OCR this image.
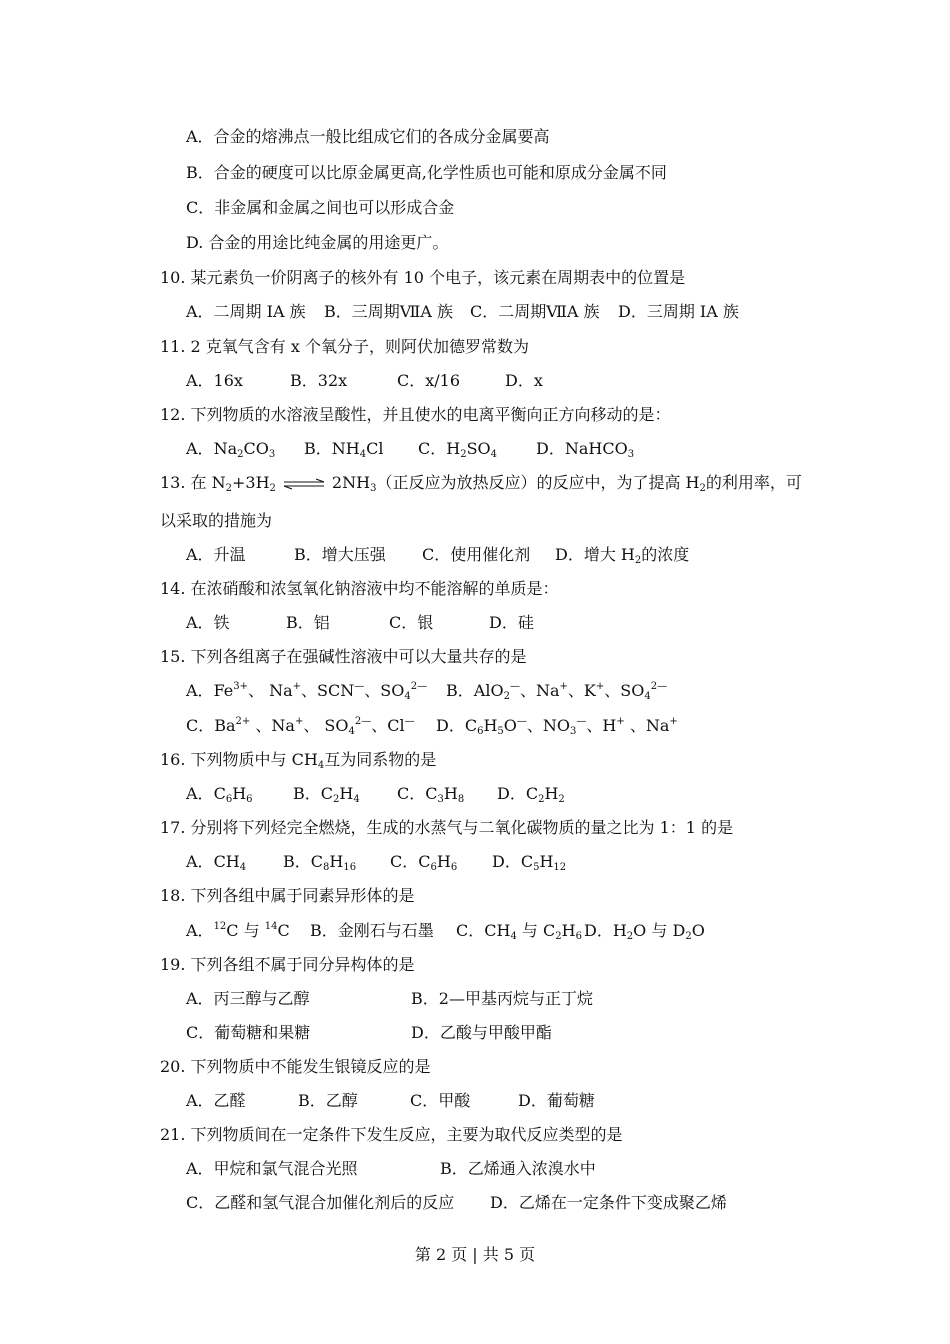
A．合金的熔沸点一般比组成它们的各成分金属要高
B．合金的硬度可以比原金属更高,化学性质也可能和原成分金属不同
C．非金属和金属之间也可以形成合金
D. 合金的用途比纯金属的用途更广。
10. 某元素负一价阴离子的核外有 10 个电子，该元素在周期表中的位置是
A．二周期 IA 族 B．三周期ⅦA 族 C．二周期ⅦA 族 D．三周期 IA 族
11. 2 克氧气含有 x 个氧分子，则阿伏加德罗常数为
A．16x	B．32x	C．x/16	D．x
12. 下列物质的水溶液呈酸性，并且使水的电离平衡向正方向移动的是：
A．$Na_2CO_3$ B．$NH_4Cl$ C．$H_2SO_4$ D．NaHCO$_3$
13. 在 $N_2+3H_2$ ⇌ $2NH_3$（正反应为放热反应）的反应中，为了提高 $H_2$的利用率，可
以采取的措施为
A．升温	B．增大压强 C．使用催化剂 D．增大 $H_2$的浓度
14. 在浓硝酸和浓氢氧化钠溶液中均不能溶解的单质是：
A．铁	B．铝	C．银	D．硅
15. 下列各组离子在强碱性溶液中可以大量共存的是
A．$Fe^{3+}$、 Na+、SCN—、$SO_4^{2—}$ B．AlO$_2$—、Na+、K+、$SO_4^{2—}$
C．$Ba^{2+}$ 、Na+、 $SO_4^{2—}$、Cl— D．$C_6H_5O^—$、$NO_3^—$、H+ 、Na+
16. 下列物质中与 $CH_4$互为同系物的是
A．$C_6H_6$	B．$C_2H_4$ C．$C_3H_8$ D．$C_2H_2$
17. 分别将下列烃完全燃烧，生成的水蒸气与二氧化碳物质的量之比为 1：1 的是
A．$CH_4$ B．$C_8H_{16}$ C．$C_6H_6$ D．$C_5H_{12}$
18. 下列各组中属于同素异形体的是
A．$^{12}$C 与 $^{14}$C B．金刚石与石墨 C．$CH_4$ 与 $C_2H_6$ D．$H_2O$ 与 $D_2O$
19. 下列各组不属于同分异构体的是
A．丙三醇与乙醇	B．2—甲基丙烷与正丁烷
C．葡萄糖和果糖	D．乙酸与甲酸甲酯
20. 下列物质中不能发生银镜反应的是
A．乙醛	B．乙醇	C．甲酸	D．葡萄糖
21. 下列物质间在一定条件下发生反应，主要为取代反应类型的是
A．甲烷和氯气混合光照	B．乙烯通入浓溴水中
C．乙醛和氢气混合加催化剂后的反应 D．乙烯在一定条件下变成聚乙烯
第 2 页 | 共 5 页
